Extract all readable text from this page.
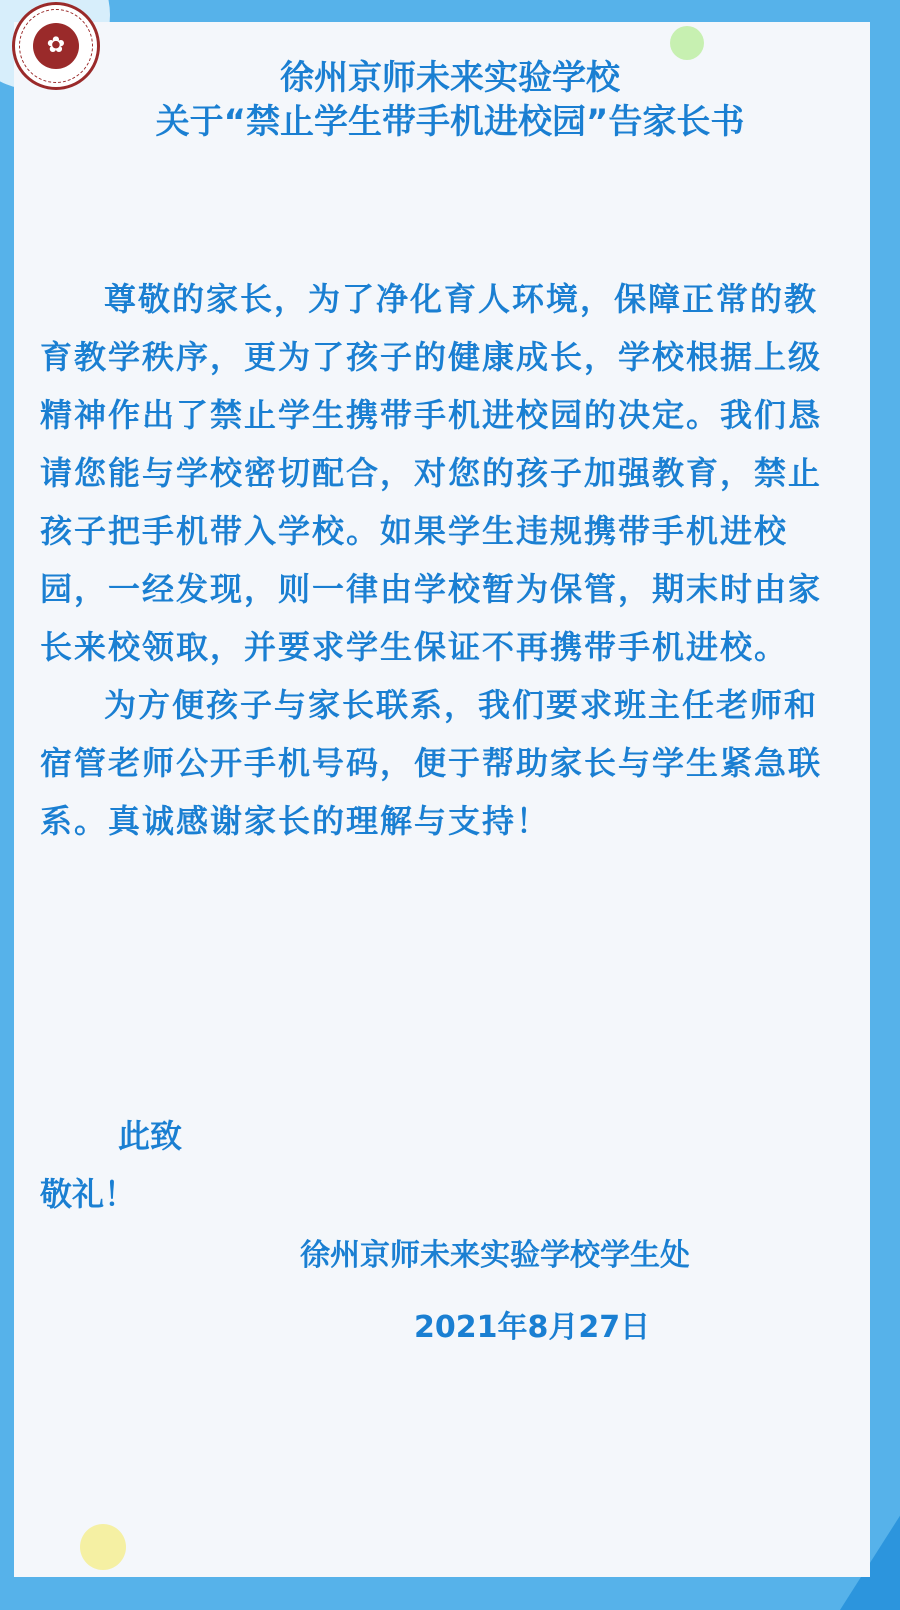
✿
徐州京师未来实验学校
关于“禁止学生带手机进校园”告家长书

尊敬的家长，为了净化育人环境，保障正常的教育教学秩序，更为了孩子的健康成长，学校根据上级精神作出了禁止学生携带手机进校园的决定。我们恳请您能与学校密切配合，对您的孩子加强教育，禁止孩子把手机带入学校。如果学生违规携带手机进校园，一经发现，则一律由学校暂为保管，期末时由家长来校领取，并要求学生保证不再携带手机进校。

为方便孩子与家长联系，我们要求班主任老师和宿管老师公开手机号码，便于帮助家长与学生紧急联系。真诚感谢家长的理解与支持！

此致
敬礼！
徐州京师未来实验学校学生处
2021年8月27日
